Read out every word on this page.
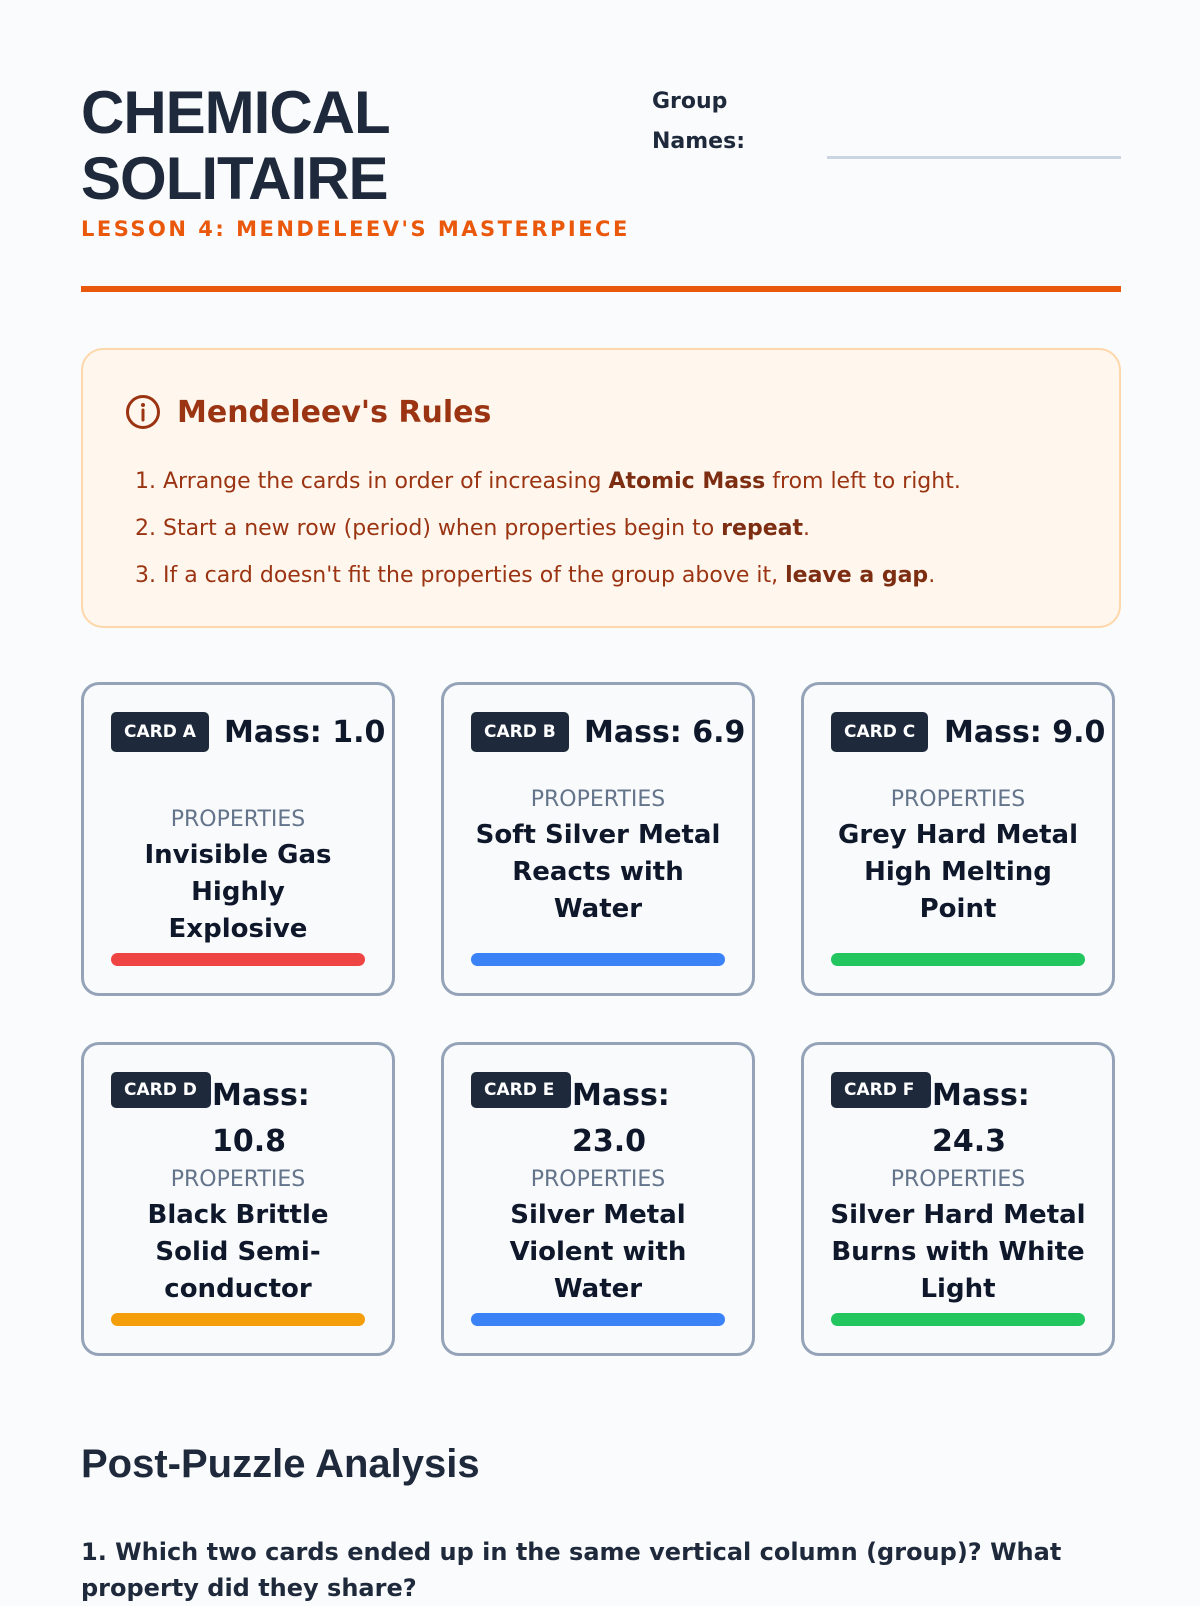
CHEMICAL SOLITAIRE
LESSON 4: MENDELEEV'S MASTERPIECE
Group Names:
Mendeleev's Rules
1. Arrange the cards in order of increasing Atomic Mass from left to right.
2. Start a new row (period) when properties begin to repeat.
3. If a card doesn't fit the properties of the group above it, leave a gap.
CARD A Mass: 1.0
PROPERTIES
Invisible Gas Highly Explosive
CARD B Mass: 6.9
PROPERTIES
Soft Silver Metal Reacts with Water
CARD C Mass: 9.0
PROPERTIES
Grey Hard Metal High Melting Point
CARD D Mass: 10.8
PROPERTIES
Black Brittle Solid Semi-conductor
CARD E Mass: 23.0
PROPERTIES
Silver Metal Violent with Water
CARD F Mass: 24.3
PROPERTIES
Silver Hard Metal Burns with White Light
Post-Puzzle Analysis

1. Which two cards ended up in the same vertical column (group)? What property did they share?
